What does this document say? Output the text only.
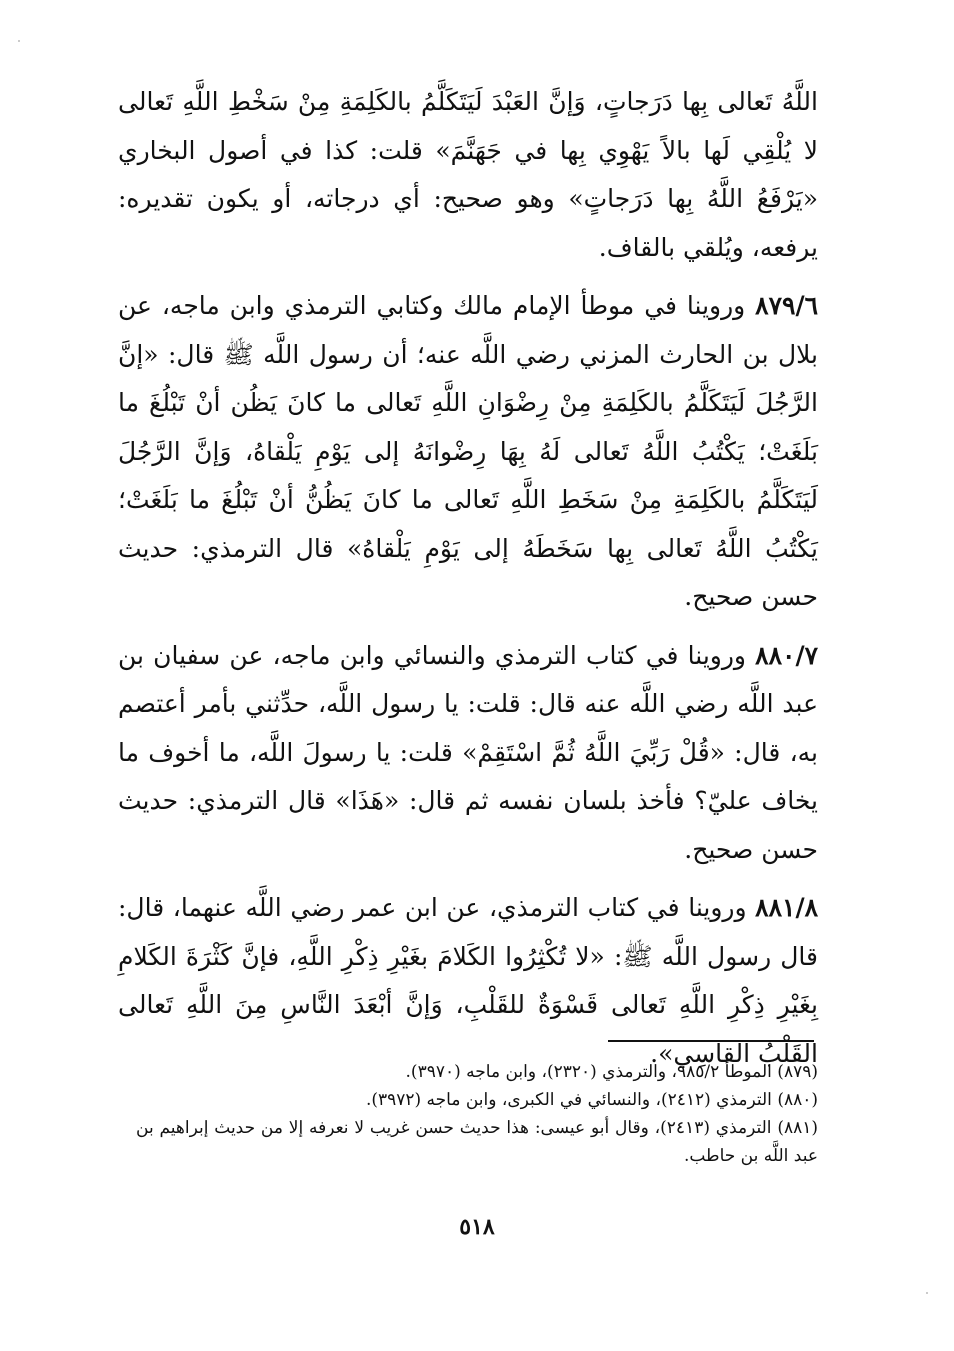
اللَّهُ تَعالى بِها دَرَجاتٍ، وَإنَّ العَبْدَ لَيَتَكَلَّمُ بالكَلِمَةِ مِنْ سَخْطِ اللَّهِ تَعالى لا يُلْقِي لَها بالاً يَهْوِي بِها في جَهَنَّمَ» قلت: كذا في أصول البخاري «يَرْفَعُ اللَّهُ بِها دَرَجاتٍ» وهو صحيح: أي درجاته، أو يكون تقديره: يرفعه، ويُلقي بالقاف.

٨٧٩/٦ وروينا في موطأ الإمام مالك وكتابي الترمذي وابن ماجه، عن بلال بن الحارث المزني رضي اللَّه عنه؛ أن رسول اللَّه ﷺ قال: «إنَّ الرَّجُلَ لَيَتَكَلَّمُ بالكَلِمَةِ مِنْ رِضْوَانِ اللَّهِ تَعالى ما كانَ يَظُن أنْ تَبْلُغَ ما بَلَغَتْ؛ يَكْتُبُ اللَّهُ تَعالى لَهُ بِهَا رِضْوانَهُ إلى يَوْمِ يَلْقاهُ، وَإنَّ الرَّجُلَ لَيَتَكَلَّمُ بالكَلِمَةِ مِنْ سَخَطِ اللَّهِ تَعالى ما كانَ يَظُنُّ أنْ تَبْلُغَ ما بَلَغَتْ؛ يَكْتُبُ اللَّهُ تَعالى بِها سَخَطَهُ إلى يَوْمِ يَلْقاهُ» قال الترمذي: حديث حسن صحيح.

٨٨٠/٧ وروينا في كتاب الترمذي والنسائي وابن ماجه، عن سفيان بن عبد اللَّه رضي اللَّه عنه قال: قلت: يا رسول اللَّه، حدِّثني بأمر أعتصم به، قال: «قُلْ رَبِّيَ اللَّهُ ثُمَّ اسْتَقِمْ» قلت: يا رسولَ اللَّه، ما أخوف ما يخاف عليّ؟ فأخذ بلسان نفسه ثم قال: «هَذَا» قال الترمذي: حديث حسن صحيح.

٨٨١/٨ وروينا في كتاب الترمذي، عن ابن عمر رضي اللَّه عنهما، قال: قال رسول اللَّه ﷺ: «لا تُكْثِرُوا الكَلامَ بغَيْرِ ذِكْرِ اللَّهِ، فإنَّ كَثْرَةَ الكَلامِ بِغَيْرِ ذِكْرِ اللَّهِ تَعالى قَسْوَةٌ للقَلْبِ، وَإنَّ أبْعَدَ النَّاسِ مِنَ اللَّهِ تَعالى القَلْبُ القاسِي».

(٨٧٩) الموطأ ٩٨٥/٢، والترمذي (٢٣٢٠)، وابن ماجه (٣٩٧٠).

(٨٨٠) الترمذي (٢٤١٢)، والنسائي في الكبرى، وابن ماجه (٣٩٧٢).

(٨٨١) الترمذي (٢٤١٣)، وقال أبو عيسى: هذا حديث حسن غريب لا نعرفه إلا من حديث إبراهيم بن عبد اللَّه بن حاطب.

٥١٨
